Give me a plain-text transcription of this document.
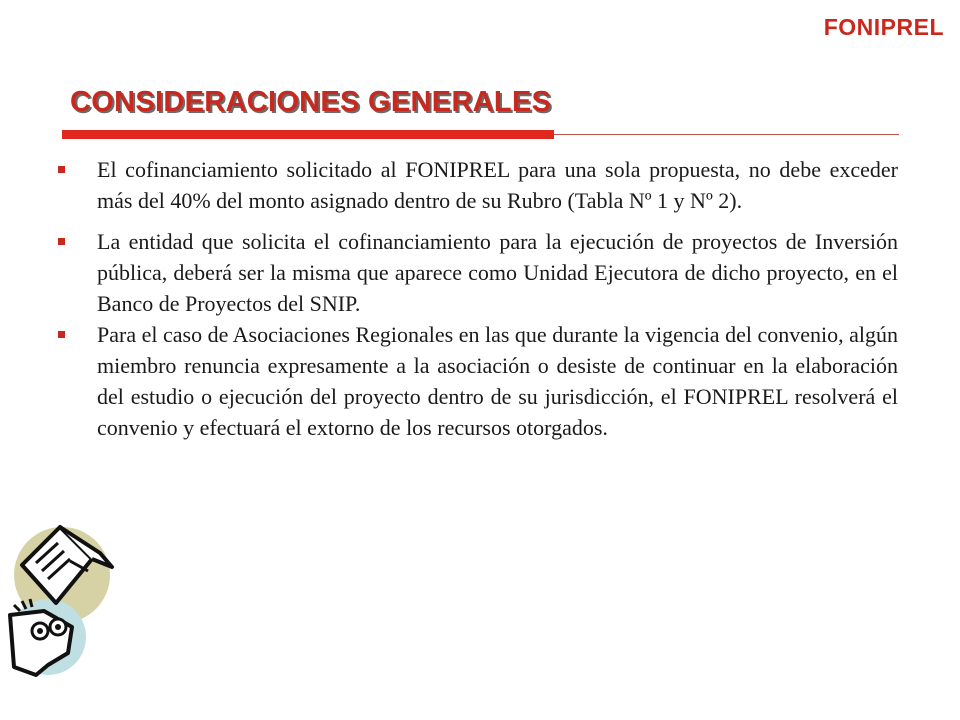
FONIPREL
CONSIDERACIONES GENERALES
El cofinanciamiento solicitado al FONIPREL para una sola propuesta, no debe exceder más del 40% del monto asignado dentro de su Rubro (Tabla Nº 1 y Nº 2).
La entidad que solicita el cofinanciamiento para la ejecución de proyectos de Inversión pública, deberá ser la misma que aparece como Unidad Ejecutora de dicho proyecto, en el Banco de Proyectos del SNIP.
Para el caso de Asociaciones Regionales en las que durante la vigencia del convenio, algún miembro renuncia expresamente a la asociación o desiste de continuar en la elaboración del estudio o ejecución del proyecto dentro de su jurisdicción, el FONIPREL resolverá el convenio y efectuará el extorno de los recursos otorgados.
